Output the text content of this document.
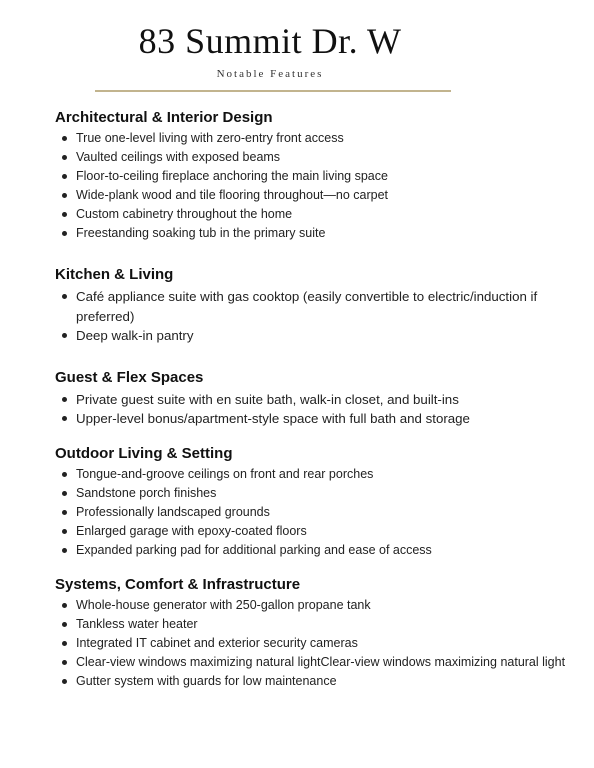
83 Summit Dr. W
Notable Features
Architectural & Interior Design
True one-level living with zero-entry front access
Vaulted ceilings with exposed beams
Floor-to-ceiling fireplace anchoring the main living space
Wide-plank wood and tile flooring throughout—no carpet
Custom cabinetry throughout the home
Freestanding soaking tub in the primary suite
Kitchen & Living
Café appliance suite with gas cooktop (easily convertible to electric/induction if preferred)
Deep walk-in pantry
Guest & Flex Spaces
Private guest suite with en suite bath, walk-in closet, and built-ins
Upper-level bonus/apartment-style space with full bath and storage
Outdoor Living & Setting
Tongue-and-groove ceilings on front and rear porches
Sandstone porch finishes
Professionally landscaped grounds
Enlarged garage with epoxy-coated floors
Expanded parking pad for additional parking and ease of access
Systems, Comfort & Infrastructure
Whole-house generator with 250-gallon propane tank
Tankless water heater
Integrated IT cabinet and exterior security cameras
Clear-view windows maximizing natural lightClear-view windows maximizing natural light
Gutter system with guards for low maintenance
